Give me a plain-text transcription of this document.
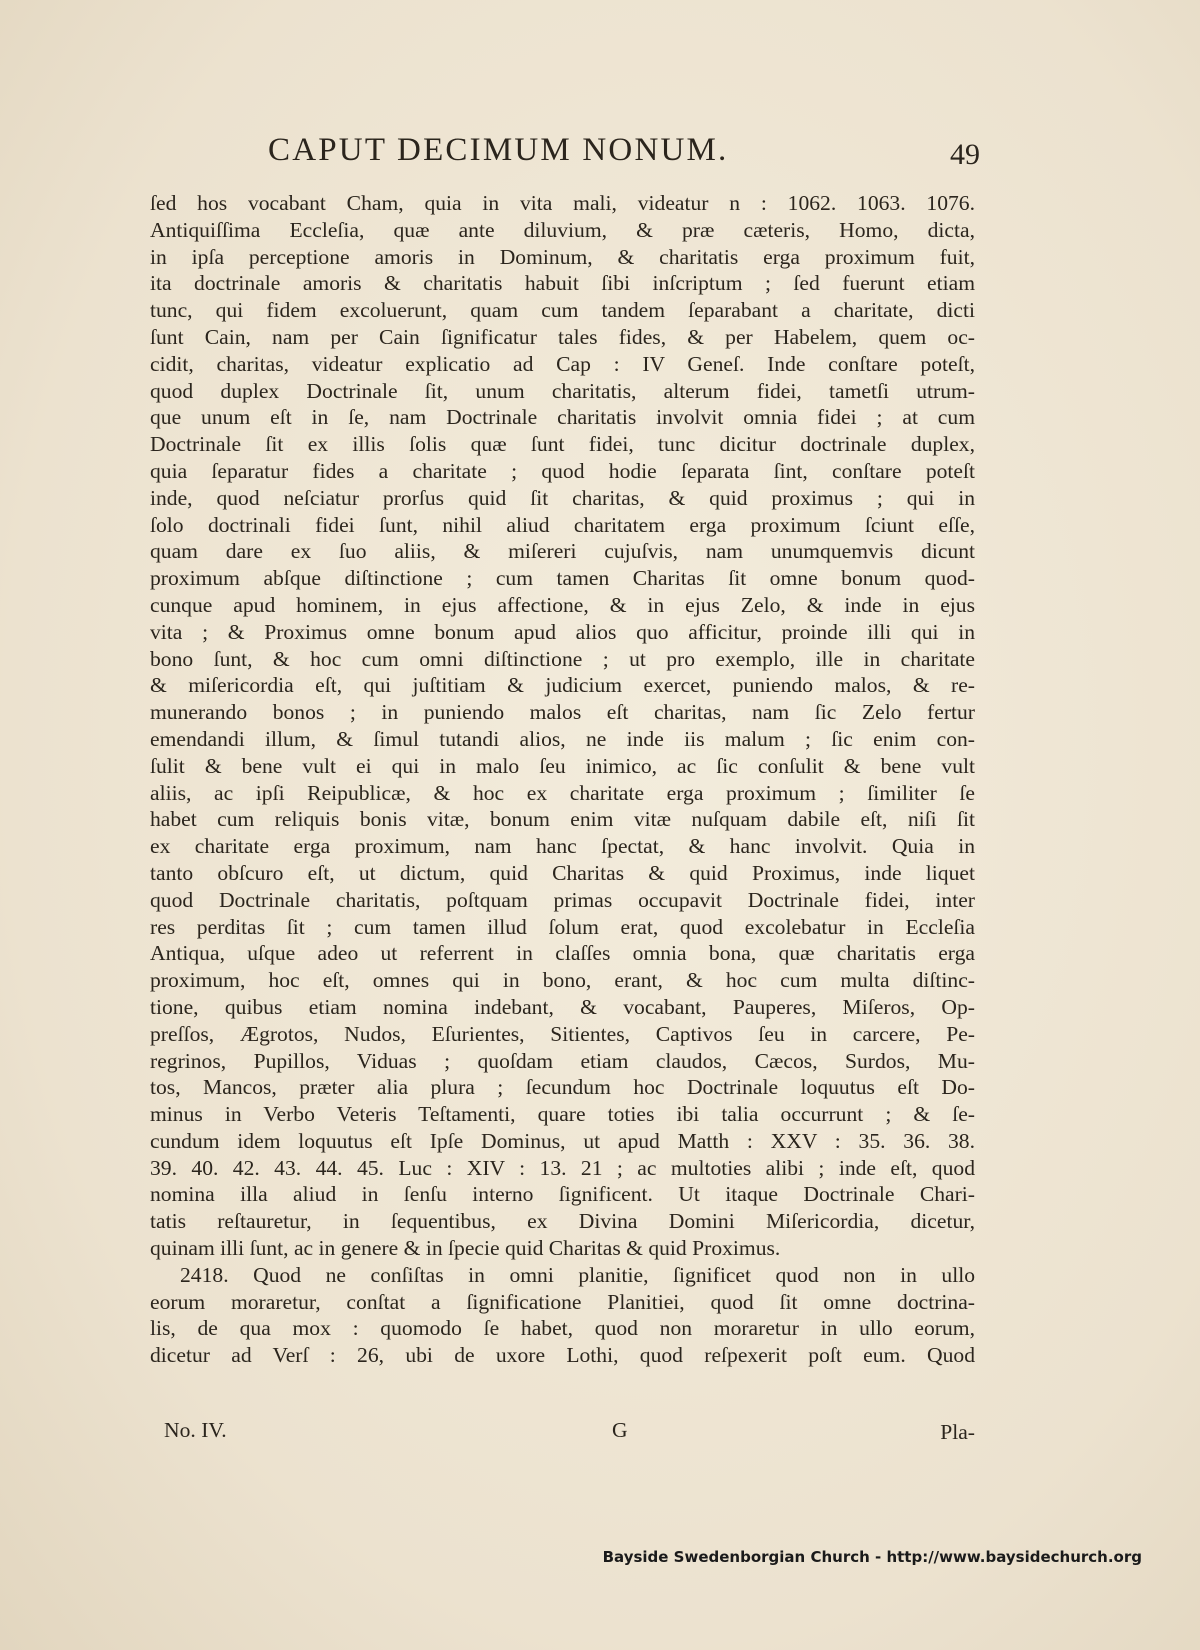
CAPUT DECIMUM NONUM.	49
ſed hos vocabant Cham, quia in vita mali, videatur n : 1062. 1063. 1076.
Antiquiſſima Eccleſia, quæ ante diluvium, & præ cæteris, Homo, dicta,
in ipſa perceptione amoris in Dominum, & charitatis erga proximum fuit,
ita doctrinale amoris & charitatis habuit ſibi inſcriptum ; ſed fuerunt etiam
tunc, qui fidem excoluerunt, quam cum tandem ſeparabant a charitate, dicti
ſunt Cain, nam per Cain ſignificatur tales fides, & per Habelem, quem oc-
cidit, charitas, videatur explicatio ad Cap : IV Geneſ. Inde conſtare poteſt,
quod duplex Doctrinale ſit, unum charitatis, alterum fidei, tametſi utrum-
que unum eſt in ſe, nam Doctrinale charitatis involvit omnia fidei ; at cum
Doctrinale ſit ex illis ſolis quæ ſunt fidei, tunc dicitur doctrinale duplex,
quia ſeparatur fides a charitate ; quod hodie ſeparata ſint, conſtare poteſt
inde, quod neſciatur prorſus quid ſit charitas, & quid proximus ; qui in
ſolo doctrinali fidei ſunt, nihil aliud charitatem erga proximum ſciunt eſſe,
quam dare ex ſuo aliis, & miſereri cujuſvis, nam unumquemvis dicunt
proximum abſque diſtinctione ; cum tamen Charitas ſit omne bonum quod-
cunque apud hominem, in ejus affectione, & in ejus Zelo, & inde in ejus
vita ; & Proximus omne bonum apud alios quo afficitur, proinde illi qui in
bono ſunt, & hoc cum omni diſtinctione ; ut pro exemplo, ille in charitate
& miſericordia eſt, qui juſtitiam & judicium exercet, puniendo malos, & re-
munerando bonos ; in puniendo malos eſt charitas, nam ſic Zelo fertur
emendandi illum, & ſimul tutandi alios, ne inde iis malum ; ſic enim con-
ſulit & bene vult ei qui in malo ſeu inimico, ac ſic conſulit & bene vult
aliis, ac ipſi Reipublicæ, & hoc ex charitate erga proximum ; ſimiliter ſe
habet cum reliquis bonis vitæ, bonum enim vitæ nuſquam dabile eſt, niſi ſit
ex charitate erga proximum, nam hanc ſpectat, & hanc involvit. Quia in
tanto obſcuro eſt, ut dictum, quid Charitas & quid Proximus, inde liquet
quod Doctrinale charitatis, poſtquam primas occupavit Doctrinale fidei, inter
res perditas ſit ; cum tamen illud ſolum erat, quod excolebatur in Eccleſia
Antiqua, uſque adeo ut referrent in claſſes omnia bona, quæ charitatis erga
proximum, hoc eſt, omnes qui in bono, erant, & hoc cum multa diſtinc-
tione, quibus etiam nomina indebant, & vocabant, Pauperes, Miſeros, Op-
preſſos, Ægrotos, Nudos, Eſurientes, Sitientes, Captivos ſeu in carcere, Pe-
regrinos, Pupillos, Viduas ; quoſdam etiam claudos, Cæcos, Surdos, Mu-
tos, Mancos, præter alia plura ; ſecundum hoc Doctrinale loquutus eſt Do-
minus in Verbo Veteris Teſtamenti, quare toties ibi talia occurrunt ; & ſe-
cundum idem loquutus eſt Ipſe Dominus, ut apud Matth : XXV : 35. 36. 38.
39. 40. 42. 43. 44. 45. Luc : XIV : 13. 21 ; ac multoties alibi ; inde eſt, quod
nomina illa aliud in ſenſu interno ſignificent. Ut itaque Doctrinale Chari-
tatis reſtauretur, in ſequentibus, ex Divina Domini Miſericordia, dicetur,
quinam illi ſunt, ac in genere & in ſpecie quid Charitas & quid Proximus.
2418. Quod ne conſiſtas in omni planitie, ſignificet quod non in ullo
eorum moraretur, conſtat a ſignificatione Planitiei, quod ſit omne doctrina-
lis, de qua mox : quomodo ſe habet, quod non moraretur in ullo eorum,
dicetur ad Verſ : 26, ubi de uxore Lothi, quod reſpexerit poſt eum. Quod
No. IV.	G	Pla-
Bayside Swedenborgian Church - http://www.baysidechurch.org
